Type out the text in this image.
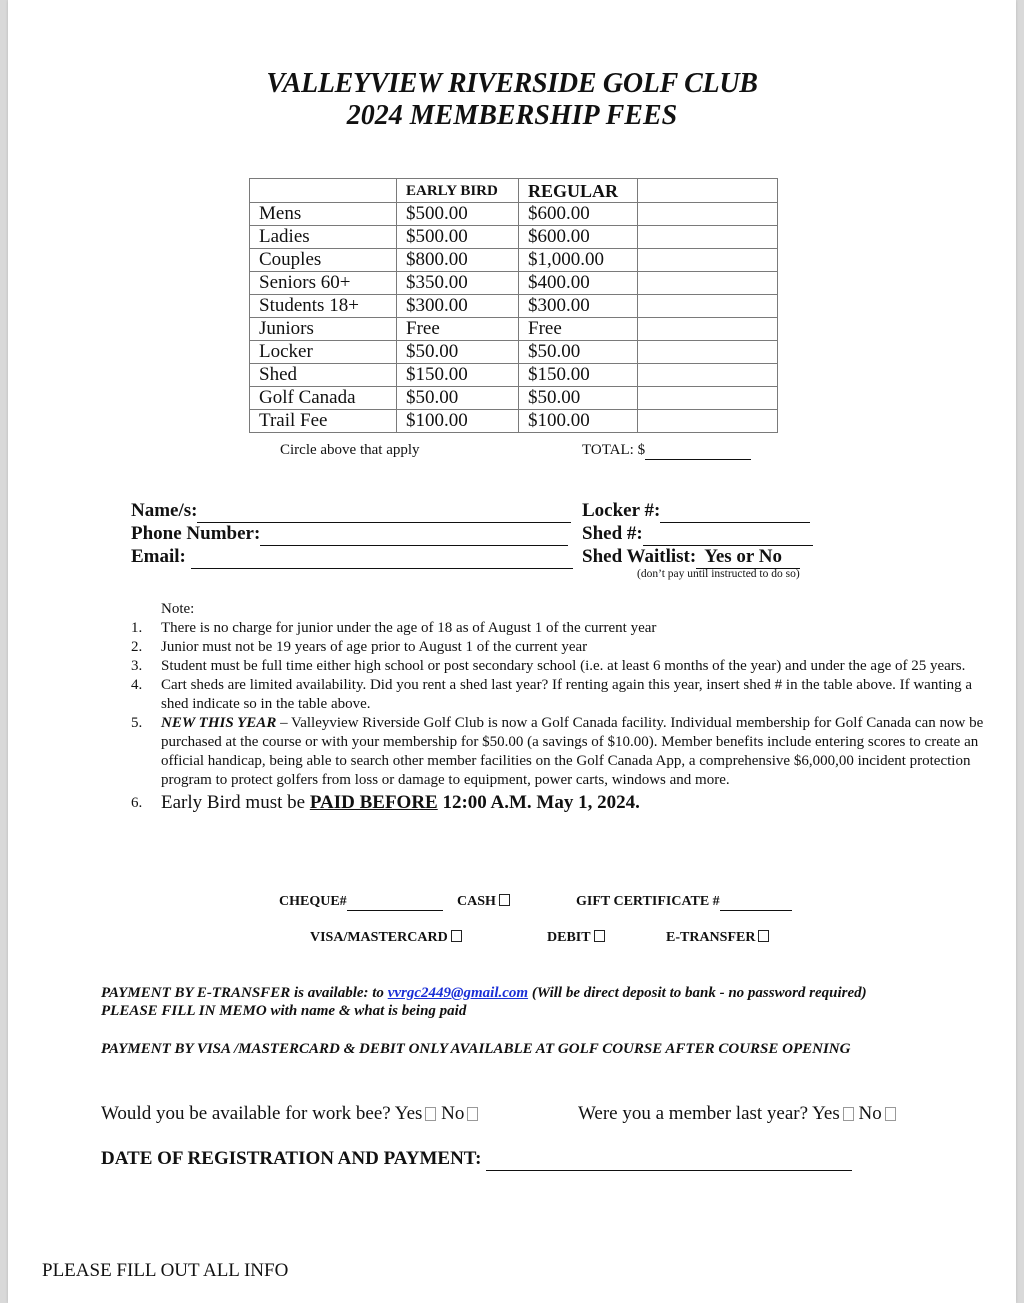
VALLEYVIEW RIVERSIDE GOLF CLUB
2024 MEMBERSHIP FEES
	EARLY BIRD	REGULAR	
Mens	$500.00	$600.00	
Ladies	$500.00	$600.00	
Couples	$800.00	$1,000.00	
Seniors 60+	$350.00	$400.00	
Students 18+	$300.00	$300.00	
Juniors	Free	Free	
Locker	$50.00	$50.00	
Shed	$150.00	$150.00	
Golf Canada	$50.00	$50.00	
Trail Fee	$100.00	$100.00	
Circle above that apply	TOTAL: $
Name/s:
Phone Number:
Email:
Locker #:
Shed #:
Shed Waitlist: Yes or No
(don’t pay until instructed to do so)
Note:
1. There is no charge for junior under the age of 18 as of August 1 of the current year
2. Junior must not be 19 years of age prior to August 1 of the current year
3. Student must be full time either high school or post secondary school (i.e. at least 6 months of the year) and under the age of 25 years.
4. Cart sheds are limited availability. Did you rent a shed last year? If renting again this year, insert shed # in the table above. If wanting a shed indicate so in the table above.
5. NEW THIS YEAR – Valleyview Riverside Golf Club is now a Golf Canada facility. Individual membership for Golf Canada can now be purchased at the course or with your membership for $50.00 (a savings of $10.00). Member benefits include entering scores to create an official handicap, being able to search other member facilities on the Golf Canada App, a comprehensive $6,000,00 incident protection program to protect golfers from loss or damage to equipment, power carts, windows and more.
6. Early Bird must be PAID BEFORE 12:00 A.M. May 1, 2024.
CHEQUE#	CASH	GIFT CERTIFICATE #
VISA/MASTERCARD	DEBIT	E-TRANSFER
PAYMENT BY E-TRANSFER is available: to vvrgc2449@gmail.com (Will be direct deposit to bank - no password required)
PLEASE FILL IN MEMO with name & what is being paid
PAYMENT BY VISA /MASTERCARD & DEBIT ONLY AVAILABLE AT GOLF COURSE AFTER COURSE OPENING
Would you be available for work bee? Yes No	Were you a member last year? Yes No
DATE OF REGISTRATION AND PAYMENT:
PLEASE FILL OUT ALL INFO
